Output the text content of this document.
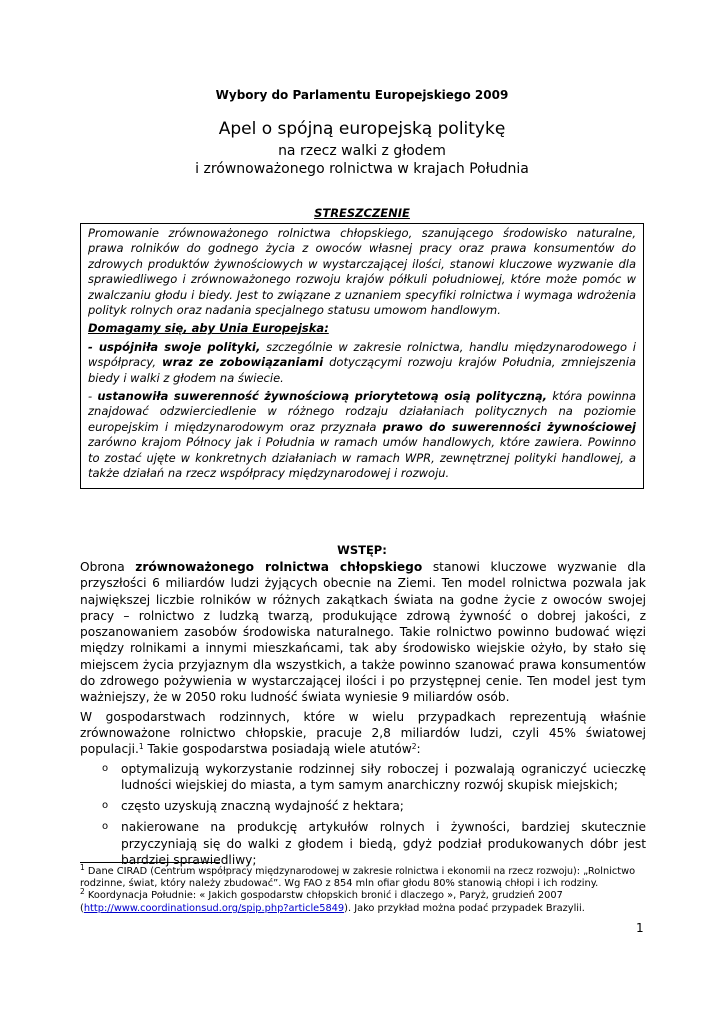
Wybory do Parlamentu Europejskiego 2009
Apel o spójną europejską politykę
na rzecz walki z głodem
i zrównoważonego rolnictwa w krajach Południa
STRESZCZENIE

Promowanie zrównoważonego rolnictwa chłopskiego, szanującego środowisko naturalne, prawa rolników do godnego życia z owoców własnej pracy oraz prawa konsumentów do zdrowych produktów żywnościowych w wystarczającej ilości, stanowi kluczowe wyzwanie dla sprawiedliwego i zrównoważonego rozwoju krajów półkuli południowej, które może pomóc w zwalczaniu głodu i biedy. Jest to związane z uznaniem specyfiki rolnictwa i wymaga wdrożenia polityk rolnych oraz nadania specjalnego statusu umowom handlowym.

Domagamy się, aby Unia Europejska:

- uspójniła swoje polityki, szczególnie w zakresie rolnictwa, handlu międzynarodowego i współpracy, wraz ze zobowiązaniami dotyczącymi rozwoju krajów Południa, zmniejszenia biedy i walki z głodem na świecie.

- ustanowiła suwerenność żywnościową priorytetową osią polityczną, która powinna znajdować odzwierciedlenie w różnego rodzaju działaniach politycznych na poziomie europejskim i międzynarodowym oraz przyznała prawo do suwerenności żywnościowej zarówno krajom Północy jak i Południa w ramach umów handlowych, które zawiera. Powinno to zostać ujęte w konkretnych działaniach w ramach WPR, zewnętrznej polityki handlowej, a także działań na rzecz współpracy międzynarodowej i rozwoju.

WSTĘP:

Obrona zrównoważonego rolnictwa chłopskiego stanowi kluczowe wyzwanie dla przyszłości 6 miliardów ludzi żyjących obecnie na Ziemi. Ten model rolnictwa pozwala jak największej liczbie rolników w różnych zakątkach świata na godne życie z owoców swojej pracy – rolnictwo z ludzką twarzą, produkujące zdrową żywność o dobrej jakości, z poszanowaniem zasobów środowiska naturalnego. Takie rolnictwo powinno budować więzi między rolnikami a innymi mieszkańcami, tak aby środowisko wiejskie ożyło, by stało się miejscem życia przyjaznym dla wszystkich, a także powinno szanować prawa konsumentów do zdrowego pożywienia w wystarczającej ilości i po przystępnej cenie. Ten model jest tym ważniejszy, że w 2050 roku ludność świata wyniesie 9 miliardów osób.

W gospodarstwach rodzinnych, które w wielu przypadkach reprezentują właśnie zrównoważone rolnictwo chłopskie, pracuje 2,8 miliardów ludzi, czyli 45% światowej populacji.$^1$ Takie gospodarstwa posiadają wiele atutów$^2$:

o optymalizują wykorzystanie rodzinnej siły roboczej i pozwalają ograniczyć ucieczkę ludności wiejskiej do miasta, a tym samym anarchiczny rozwój skupisk miejskich;
o często uzyskują znaczną wydajność z hektara;
o nakierowane na produkcję artykułów rolnych i żywności, bardziej skutecznie przyczyniają się do walki z głodem i biedą, gdyż podział produkowanych dóbr jest bardziej sprawiedliwy;

$^1$ Dane CIRAD (Centrum współpracy międzynarodowej w zakresie rolnictwa i ekonomii na rzecz rozwoju): „Rolnictwo rodzinne, świat, który należy zbudować”. Wg FAO z 854 mln ofiar głodu 80% stanowią chłopi i ich rodziny.

$^2$ Koordynacja Południe: « Jakich gospodarstw chłopskich bronić i dlaczego », Paryż, grudzień 2007 (http://www.coordinationsud.org/spip.php?article5849). Jako przykład można podać przypadek Brazylii.

1
